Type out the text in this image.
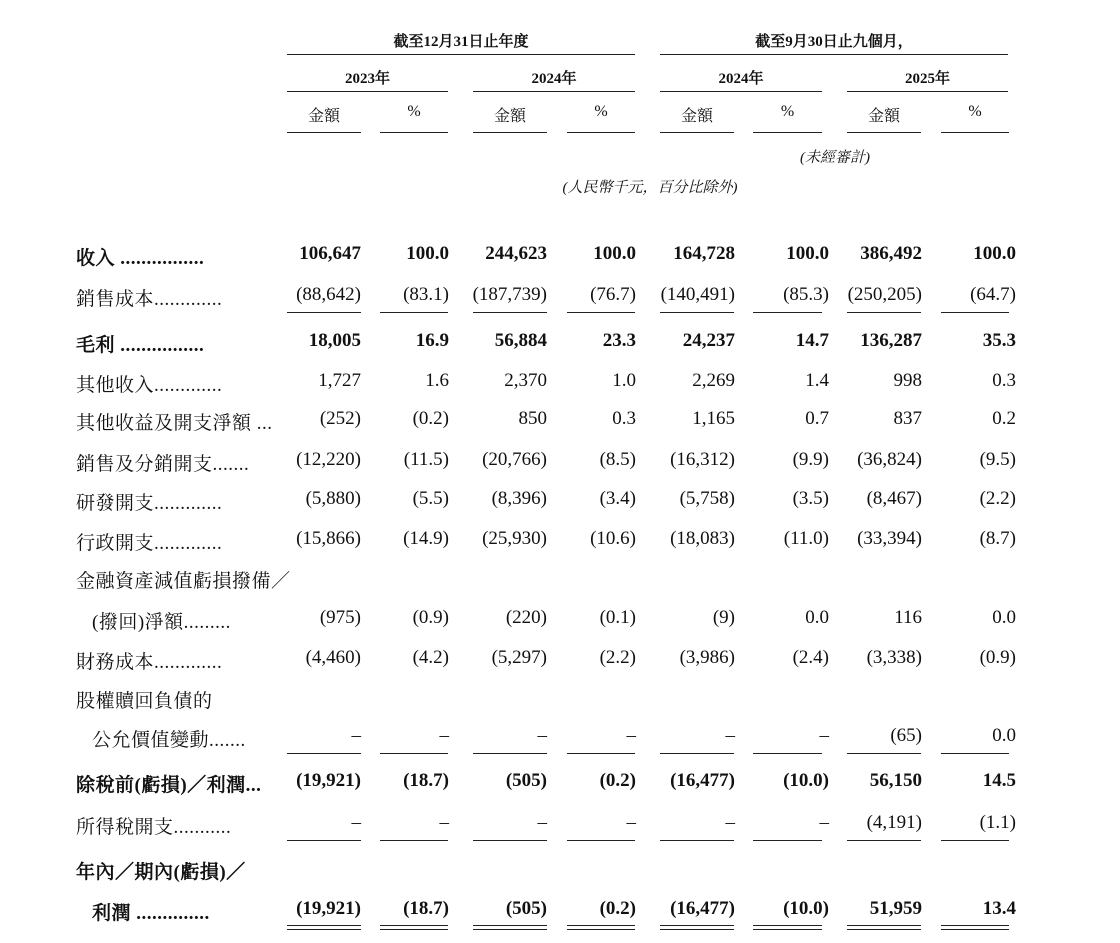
截至12月31日止年度	截至9月30日止九個月，
2023年	2024年	2024年	2025年
金額	%	金額	%	金額	%	金額	%
(未經審計)
(人民幣千元，百分比除外)
收入 ................	106,647	100.0	244,623	100.0	164,728	100.0	386,492	100.0
銷售成本.............	(88,642)	(83.1)	(187,739)	(76.7)	(140,491)	(85.3) (250,205)	(64.7)
毛利 ................	18,005	16.9	56,884	23.3	24,237	14.7	136,287	35.3
其他收入.............	1,727	1.6	2,370	1.0	2,269	1.4	998	0.3
其他收益及開支淨額 ...	(252)	(0.2)	850	0.3	1,165	0.7	837	0.2
銷售及分銷開支.......	(12,220)	(11.5)	(20,766)	(8.5)	(16,312)	(9.9)	(36,824)	(9.5)
研發開支.............	(5,880)	(5.5)	(8,396)	(3.4)	(5,758)	(3.5)	(8,467)	(2.2)
行政開支.............	(15,866)	(14.9)	(25,930)	(10.6)	(18,083)	(11.0)	(33,394)	(8.7)
金融資產減值虧損撥備／
(撥回)淨額.........	(975)	(0.9)	(220)	(0.1)	(9)	0.0	116	0.0
財務成本.............	(4,460)	(4.2)	(5,297)	(2.2)	(3,986)	(2.4)	(3,338)	(0.9)
股權贖回負債的
公允價值變動.......	–	–	–	–	–	–	(65)	0.0
除稅前(虧損)／利潤...	(19,921)	(18.7)	(505)	(0.2)	(16,477)	(10.0)	56,150	14.5
所得稅開支...........	–	–	–	–	–	–	(4,191)	(1.1)
年內／期內(虧損)／
利潤 ..............	(19,921)	(18.7)	(505)	(0.2)	(16,477)	(10.0)	51,959	13.4
